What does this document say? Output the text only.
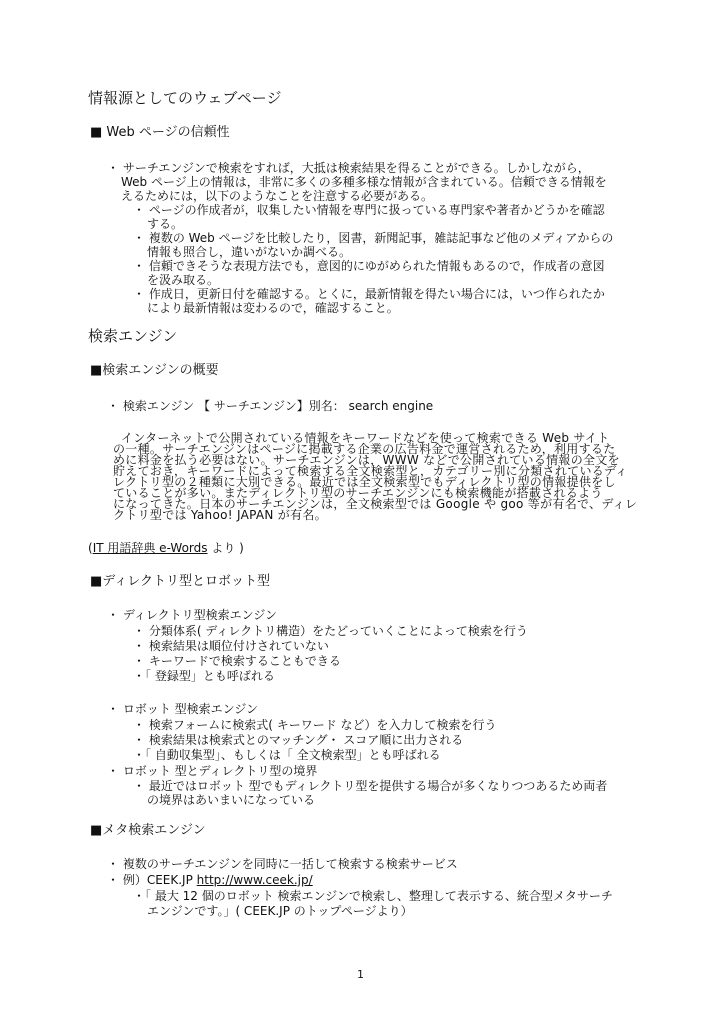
情報源としてのウェブページ
■ Web ページの信頼性
・ サーチエンジンで検索をすれば，大抵は検索結果を得ることができる。しかしながら，
Web ページ上の情報は，非常に多くの多種多様な情報が含まれている。信頼できる情報を
えるためには，以下のようなことを注意する必要がある。
・ ページの作成者が，収集したい情報を専門に扱っている専門家や著者かどうかを確認
する。
・ 複数の Web ページを比較したり，図書，新聞記事，雑誌記事など他のメディアからの
情報も照合し，違いがないか調べる。
・ 信頼できそうな表現方法でも，意図的にゆがめられた情報もあるので，作成者の意図
を汲み取る。
・ 作成日，更新日付を確認する。とくに，最新情報を得たい場合には，いつ作られたか
により最新情報は変わるので，確認すること。
検索エンジン
■検索エンジンの概要
・ 検索エンジン 【 サーチエンジン】別名： search engine
インターネットで公開されている情報をキーワードなどを使って検索できる Web サイト
の一種。サーチエンジンはページに掲載する企業の広告料金で運営されるため，利用するた
めに料金を払う必要はない。サーチエンジンは，WWW などで公開されている情報の全文を
貯えておき，キーワードによって検索する全文検索型と，カテゴリー別に分類されているディ
レクトリ型の２種類に大別できる。最近では全文検索型でもディレクトリ型の情報提供をし
ていることが多い。またディレクトリ型のサーチエンジンにも検索機能が搭載されるよう
になってきた。日本のサーチエンジンは，全文検索型では Google や goo 等が有名で、ディレ
クトリ型では Yahoo! JAPAN が有名。
(IT 用語辞典 e-Words より )
■ディレクトリ型とロボット型
・ ディレクトリ型検索エンジン
・ 分類体系( ディレクトリ構造）をたどっていくことによって検索を行う
・ 検索結果は順位付けされていない
・ キーワードで検索することもできる
・「 登録型」とも呼ばれる
・ ロボット 型検索エンジン
・ 検索フォームに検索式( キーワード など）を入力して検索を行う
・ 検索結果は検索式とのマッチング・ スコア順に出力される
・「 自動収集型」、もしくは「 全文検索型」とも呼ばれる
・ ロボット 型とディレクトリ型の境界
・ 最近ではロボット 型でもディレクトリ型を提供する場合が多くなりつつあるため両者
の境界はあいまいになっている
■メタ検索エンジン
・ 複数のサーチエンジンを同時に一括して検索する検索サービス
・ 例）CEEK.JP http://www.ceek.jp/
・「 最大 12 個のロボット 検索エンジンで検索し、整理して表示する、統合型メタサーチ
エンジンです。」( CEEK.JP のトップページより）
1
